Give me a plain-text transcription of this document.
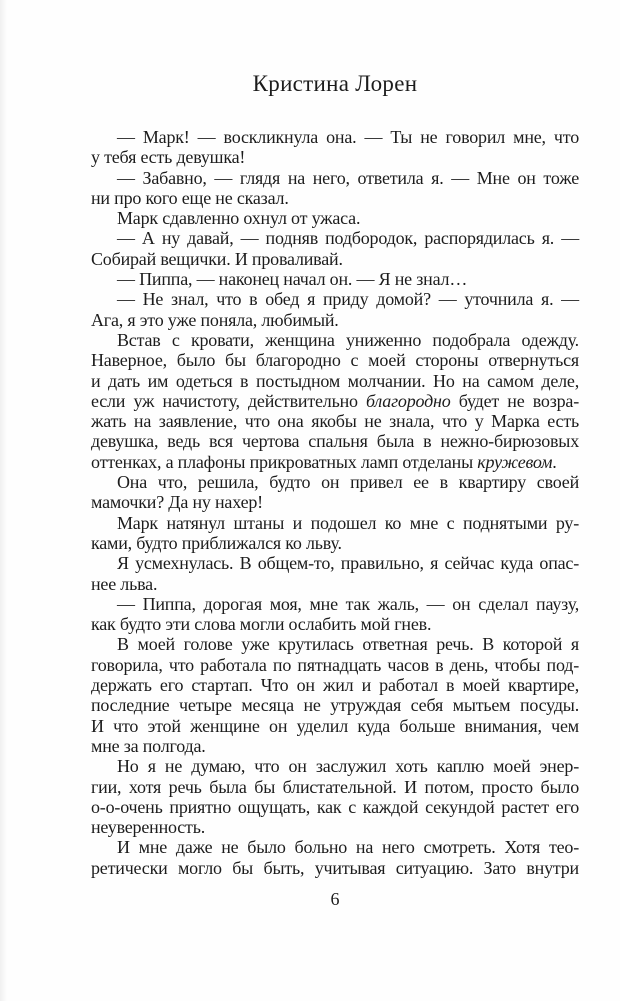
Кристина Лорен
— Марк! — воскликнула она. — Ты не говорил мне, что
у тебя есть девушка!
— Забавно, — глядя на него, ответила я. — Мне он тоже
ни про кого еще не сказал.
Марк сдавленно охнул от ужаса.
— А ну давай, — подняв подбородок, распорядилась я. —
Собирай вещички. И проваливай.
— Пиппа, — наконец начал он. — Я не знал…
— Не знал, что в обед я приду домой? — уточнила я. —
Ага, я это уже поняла, любимый.
Встав с кровати, женщина униженно подобрала одежду.
Наверное, было бы благородно с моей стороны отвернуться
и дать им одеться в постыдном молчании. Но на самом деле,
если уж начистоту, действительно благородно будет не возра-
жать на заявление, что она якобы не знала, что у Марка есть
девушка, ведь вся чертова спальня была в нежно-бирюзовых
оттенках, а плафоны прикроватных ламп отделаны кружевом.
Она что, решила, будто он привел ее в квартиру своей
мамочки? Да ну нахер!
Марк натянул штаны и подошел ко мне с поднятыми ру-
ками, будто приближался ко льву.
Я усмехнулась. В общем-то, правильно, я сейчас куда опас-
нее льва.
— Пиппа, дорогая моя, мне так жаль, — он сделал паузу,
как будто эти слова могли ослабить мой гнев.
В моей голове уже крутилась ответная речь. В которой я
говорила, что работала по пятнадцать часов в день, чтобы под-
держать его стартап. Что он жил и работал в моей квартире,
последние четыре месяца не утруждая себя мытьем посуды.
И что этой женщине он уделил куда больше внимания, чем
мне за полгода.
Но я не думаю, что он заслужил хоть каплю моей энер-
гии, хотя речь была бы блистательной. И потом, просто было
о-о-очень приятно ощущать, как с каждой секундой растет его
неуверенность.
И мне даже не было больно на него смотреть. Хотя тео-
ретически могло бы быть, учитывая ситуацию. Зато внутри
6
